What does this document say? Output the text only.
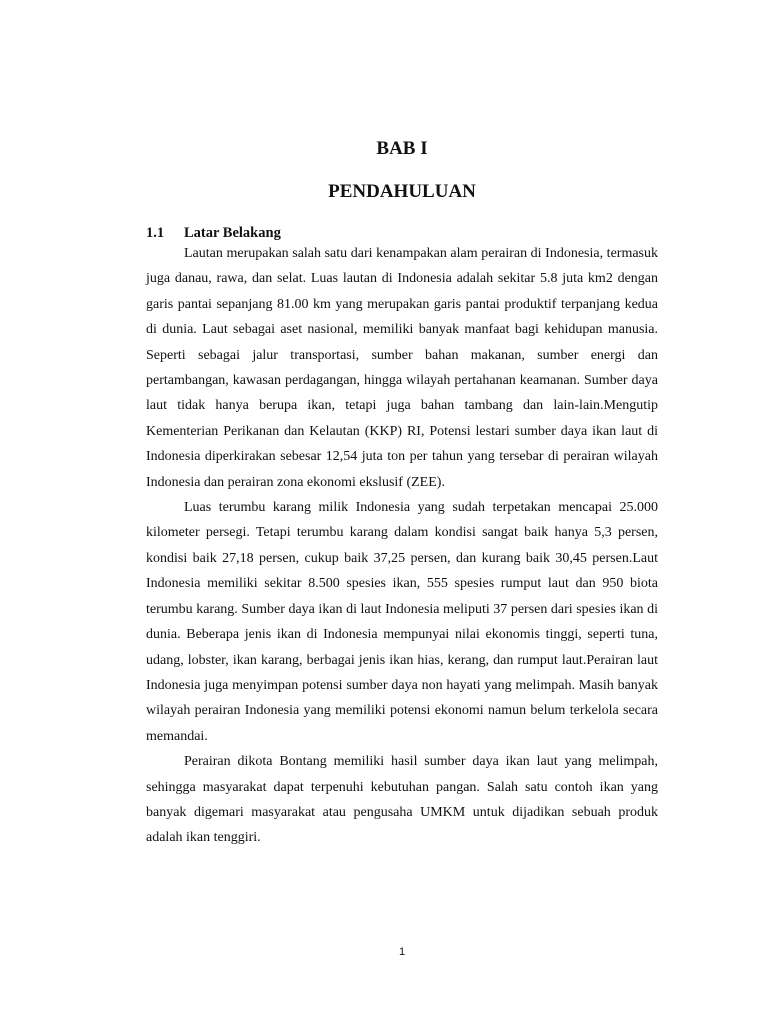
BAB I
PENDAHULUAN
1.1 Latar Belakang

Lautan merupakan salah satu dari kenampakan alam perairan di Indonesia, termasuk juga danau, rawa, dan selat. Luas lautan di Indonesia adalah sekitar 5.8 juta km2 dengan garis pantai sepanjang 81.00 km yang merupakan garis pantai produktif terpanjang kedua di dunia. Laut sebagai aset nasional, memiliki banyak manfaat bagi kehidupan manusia. Seperti sebagai jalur transportasi, sumber bahan makanan, sumber energi dan pertambangan, kawasan perdagangan, hingga wilayah pertahanan keamanan. Sumber daya laut tidak hanya berupa ikan, tetapi juga bahan tambang dan lain-lain.Mengutip Kementerian Perikanan dan Kelautan (KKP) RI, Potensi lestari sumber daya ikan laut di Indonesia diperkirakan sebesar 12,54 juta ton per tahun yang tersebar di perairan wilayah Indonesia dan perairan zona ekonomi ekslusif (ZEE).

Luas terumbu karang milik Indonesia yang sudah terpetakan mencapai 25.000 kilometer persegi. Tetapi terumbu karang dalam kondisi sangat baik hanya 5,3 persen, kondisi baik 27,18 persen, cukup baik 37,25 persen, dan kurang baik 30,45 persen.Laut Indonesia memiliki sekitar 8.500 spesies ikan, 555 spesies rumput laut dan 950 biota terumbu karang. Sumber daya ikan di laut Indonesia meliputi 37 persen dari spesies ikan di dunia. Beberapa jenis ikan di Indonesia mempunyai nilai ekonomis tinggi, seperti tuna, udang, lobster, ikan karang, berbagai jenis ikan hias, kerang, dan rumput laut.Perairan laut Indonesia juga menyimpan potensi sumber daya non hayati yang melimpah. Masih banyak wilayah perairan Indonesia yang memiliki potensi ekonomi namun belum terkelola secara memandai.

Perairan dikota Bontang memiliki hasil sumber daya ikan laut yang melimpah, sehingga masyarakat dapat terpenuhi kebutuhan pangan. Salah satu contoh ikan yang banyak digemari masyarakat atau pengusaha UMKM untuk dijadikan sebuah produk adalah ikan tenggiri.

1
